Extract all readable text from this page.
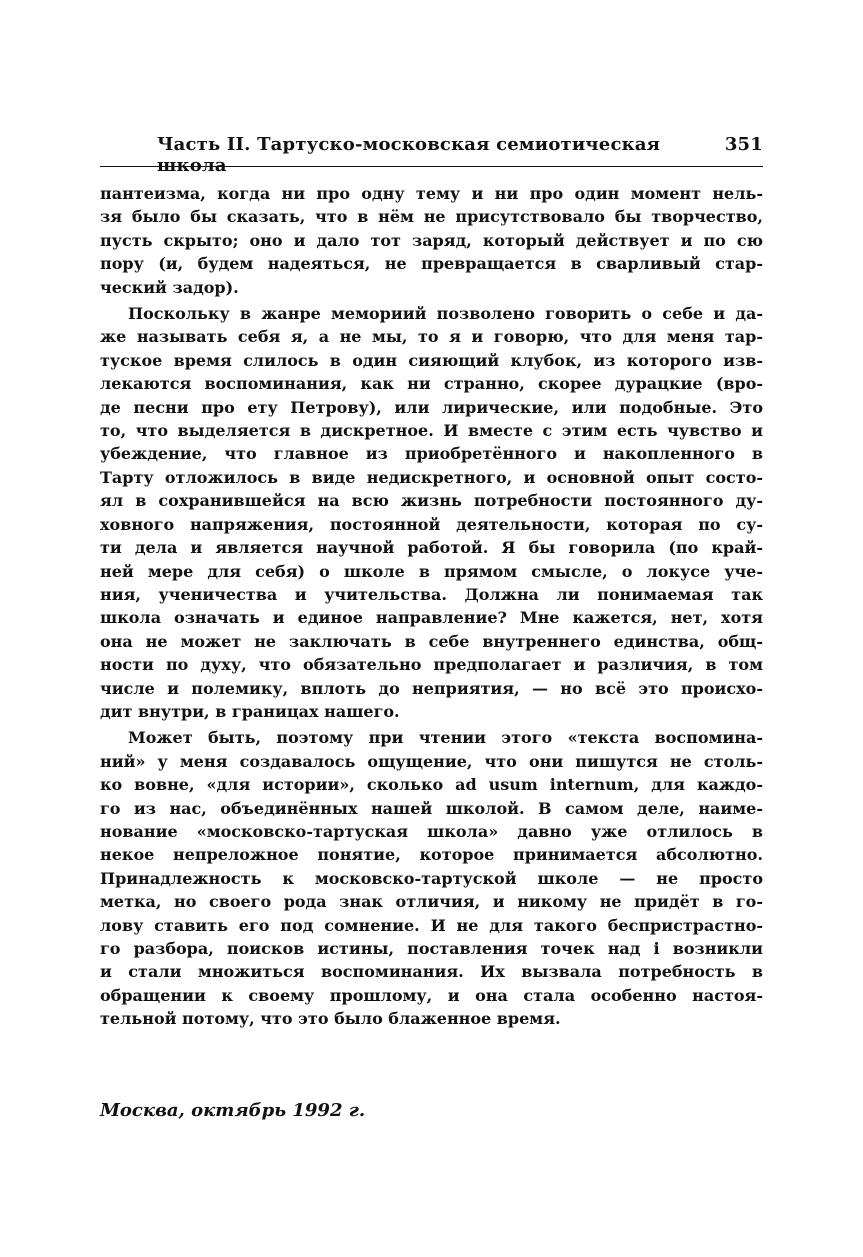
Часть II. Тартуско-московская семиотическая школа
351
пантеизма, когда ни про одну тему и ни про один момент нель-
зя было бы сказать, что в нём не присутствовало бы творчество,
пусть скрыто; оно и дало тот заряд, который действует и по сю
пору (и, будем надеяться, не превращается в сварливый стар-
ческий задор).
Поскольку в жанре мемориий позволено говорить о себе и да-
же называть себя я, а не мы, то я и говорю, что для меня тар-
туское время слилось в один сияющий клубок, из которого изв-
лекаются воспоминания, как ни странно, скорее дурацкие (вро-
де песни про ету Петрову), или лирические, или подобные. Это
то, что выделяется в дискретное. И вместе с этим есть чувство и
убеждение, что главное из приобретённого и накопленного в
Тарту отложилось в виде недискретного, и основной опыт состо-
ял в сохранившейся на всю жизнь потребности постоянного ду-
ховного напряжения, постоянной деятельности, которая по су-
ти дела и является научной работой. Я бы говорила (по край-
ней мере для себя) о школе в прямом смысле, о локусе уче-
ния, ученичества и учительства. Должна ли понимаемая так
школа означать и единое направление? Мне кажется, нет, хотя
она не может не заключать в себе внутреннего единства, общ-
ности по духу, что обязательно предполагает и различия, в том
числе и полемику, вплоть до неприятия, — но всё это происхо-
дит внутри, в границах нашего.
Может быть, поэтому при чтении этого «текста воспомина-
ний» у меня создавалось ощущение, что они пишутся не столь-
ко вовне, «для истории», сколько ad usum internum, для каждо-
го из нас, объединённых нашей школой. В самом деле, наиме-
нование «московско-тартуская школа» давно уже отлилось в
некое непреложное понятие, которое принимается абсолютно.
Принадлежность к московско-тартуской школе — не просто
метка, но своего рода знак отличия, и никому не придёт в го-
лову ставить его под сомнение. И не для такого беспристрастно-
го разбора, поисков истины, поставления точек над i возникли
и стали множиться воспоминания. Их вызвала потребность в
обращении к своему прошлому, и она стала особенно настоя-
тельной потому, что это было блаженное время.
Москва, октябрь 1992 г.
